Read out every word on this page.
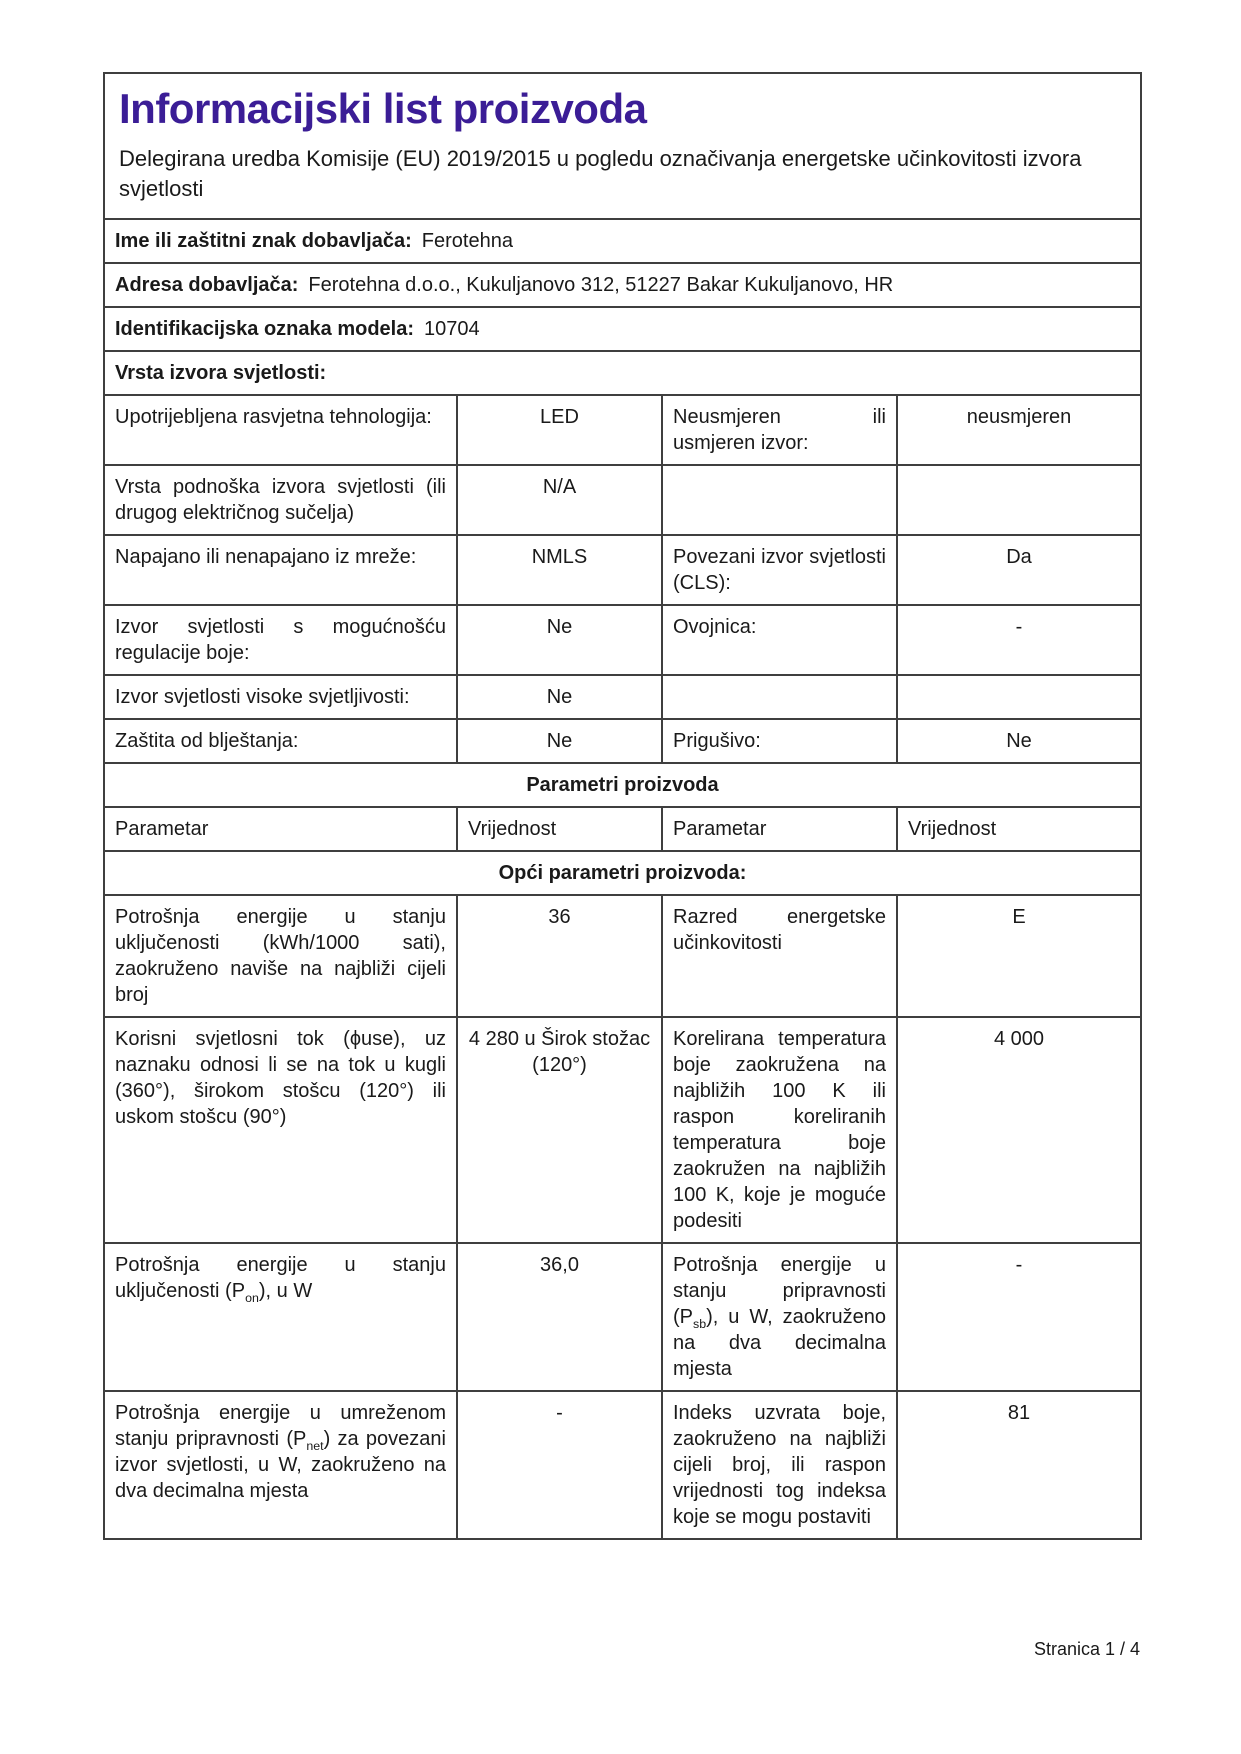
Informacijski list proizvoda

Delegirana uredba Komisije (EU) 2019/2015 u pogledu označivanja energetske učinkovitosti izvora svjetlosti

Ime ili zaštitni znak dobavljača: Ferotehna			
Adresa dobavljača: Ferotehna d.o.o., Kukuljanovo 312, 51227 Bakar Kukuljanovo, HR			
Identifikacijska oznaka modela: 10704			
Vrsta izvora svjetlosti:			
Upotrijebljena rasvjetna tehnologija:	LED	Neusmjeren ili usmjeren izvor:	neusmjeren
Vrsta podnoška izvora svjetlosti (ili drugog električnog sučelja)	N/A		
Napajano ili nenapajano iz mreže:	NMLS	Povezani izvor svjetlosti (CLS):	Da
Izvor svjetlosti s mogućnošću regulacije boje:	Ne	Ovojnica:	-
Izvor svjetlosti visoke svjetljivosti:	Ne		
Zaštita od blještanja:	Ne	Prigušivo:	Ne
Parametri proizvoda			
Parametar	Vrijednost	Parametar	Vrijednost
Opći parametri proizvoda:			
Potrošnja energije u stanju uključenosti (kWh/1000 sati), zaokruženo naviše na najbliži cijeli broj	36	Razred energetske učinkovitosti	E
Korisni svjetlosni tok (ϕuse), uz naznaku odnosi li se na tok u kugli (360°), širokom stošcu (120°) ili uskom stošcu (90°)	4 280 u Širok stožac (120°)	Korelirana temperatura boje zaokružena na najbližih 100 K ili raspon koreliranih temperatura boje zaokružen na najbližih 100 K, koje je moguće podesiti	4 000
Potrošnja energije u stanju uključenosti $(P_{on})$, u W	36,0	Potrošnja energije u stanju pripravnosti $(P_{sb})$, u W, zaokruženo na dva decimalna mjesta	-
Potrošnja energije u umreženom stanju pripravnosti $(P_{net})$ za povezani izvor svjetlosti, u W, zaokruženo na dva decimalna mjesta	-	Indeks uzvrata boje, zaokruženo na najbliži cijeli broj, ili raspon vrijednosti tog indeksa koje se mogu postaviti	81
Stranica 1 / 4
